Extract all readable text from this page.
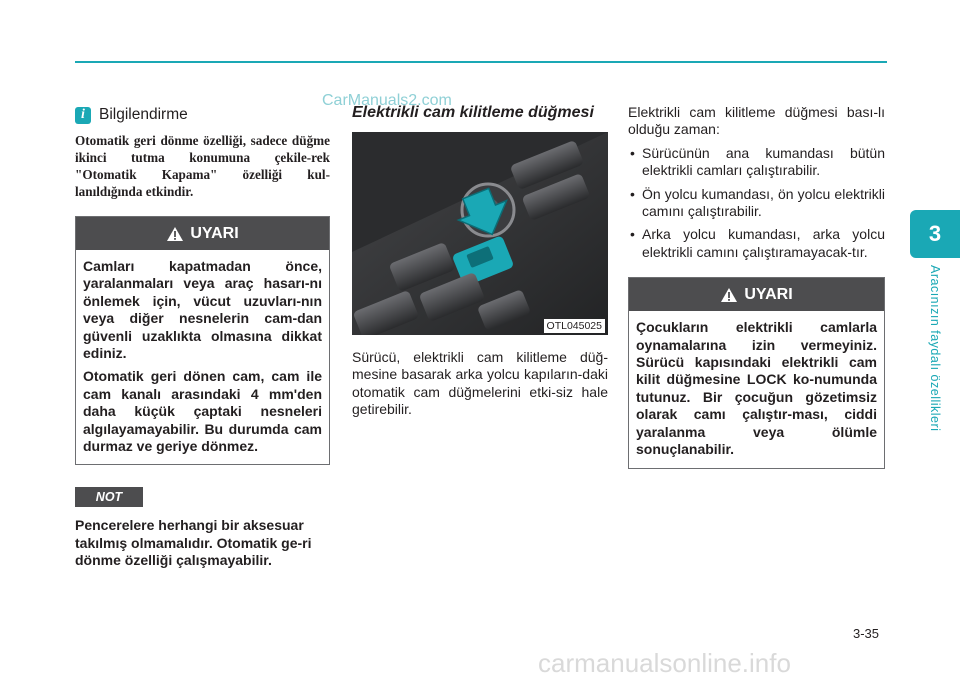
CarManuals2.com
3
Aracınızın faydalı özellikleri
i Bilgilendirme
Otomatik geri dönme özelliği, sadece düğme ikinci tutma konumuna çekile-rek "Otomatik Kapama" özelliği kul-lanıldığında etkindir.
UYARI

Camları kapatmadan önce, yaralanmaları veya araç hasarı-nı önlemek için, vücut uzuvları-nın veya diğer nesnelerin cam-dan güvenli uzaklıkta olmasına dikkat ediniz.

Otomatik geri dönen cam, cam ile cam kanalı arasındaki 4 mm'den daha küçük çaptaki nesneleri algılayamayabilir. Bu durumda cam durmaz ve geriye dönmez.

NOT
Pencerelere herhangi bir aksesuar takılmış olmamalıdır. Otomatik ge-ri dönme özelliği çalışmayabilir.
Elektrikli cam kilitleme düğmesi
OTL045025

Sürücü, elektrikli cam kilitleme düğ-mesine basarak arka yolcu kapıların-daki otomatik cam düğmelerini etki-siz hale getirebilir.

Elektrikli cam kilitleme düğmesi bası-lı olduğu zaman:

• Sürücünün ana kumandası bütün elektrikli camları çalıştırabilir.
• Ön yolcu kumandası, ön yolcu elektrikli camını çalıştırabilir.
• Arka yolcu kumandası, arka yolcu elektrikli camını çalıştıramayacak-tır.
UYARI

Çocukların elektrikli camlarla oynamalarına izin vermeyiniz. Sürücü kapısındaki elektrikli cam kilit düğmesine LOCK ko-numunda tutunuz. Bir çocuğun gözetimsiz olarak camı çalıştır-ması, ciddi yaralanma veya ölümle sonuçlanabilir.

3-35
carmanualsonline.info
